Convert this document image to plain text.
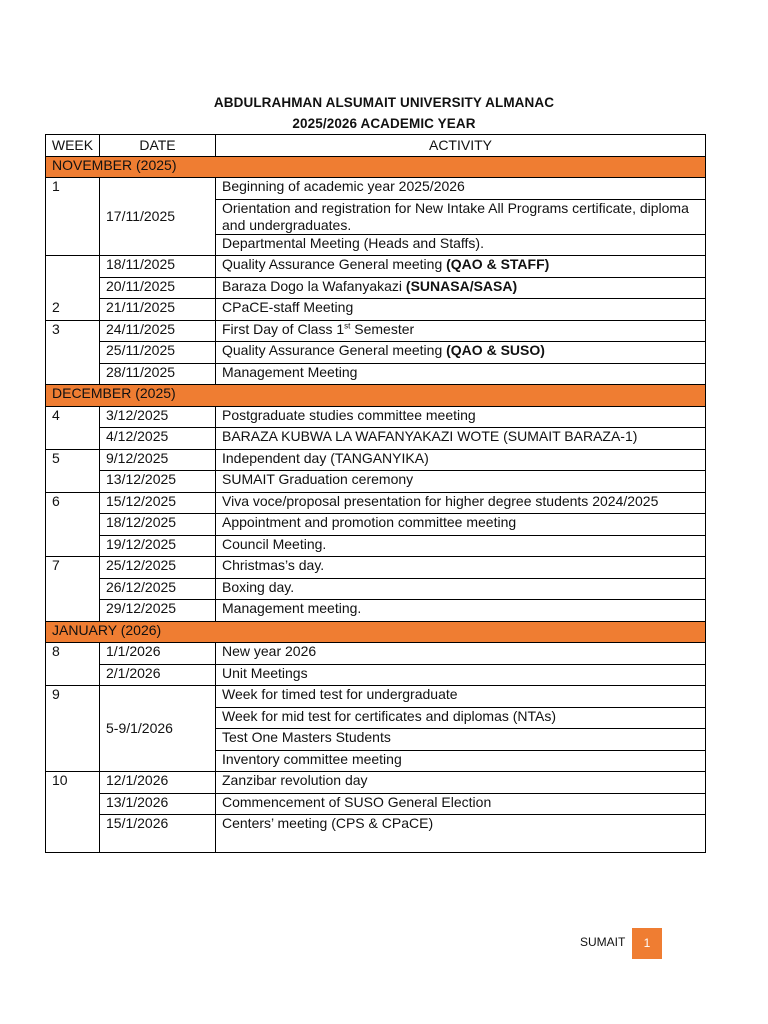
ABDULRAHMAN ALSUMAIT UNIVERSITY ALMANAC
2025/2026 ACADEMIC YEAR
WEEK	DATE	ACTIVITY
NOVEMBER (2025)		
1	17/11/2025	Beginning of academic year 2025/2026
		Orientation and registration for New Intake All Programs certificate, diploma and undergraduates.
		Departmental Meeting (Heads and Staffs).
2	18/11/2025	Quality Assurance General meeting (QAO & STAFF)
	20/11/2025	Baraza Dogo la Wafanyakazi (SUNASA/SASA)
	21/11/2025	CPaCE-staff Meeting
3	24/11/2025	First Day of Class 1st Semester
	25/11/2025	Quality Assurance General meeting (QAO & SUSO)
	28/11/2025	Management Meeting
DECEMBER (2025)		
4	3/12/2025	Postgraduate studies committee meeting
	4/12/2025	BARAZA KUBWA LA WAFANYAKAZI WOTE (SUMAIT BARAZA-1)
5	9/12/2025	Independent day (TANGANYIKA)
	13/12/2025	SUMAIT Graduation ceremony
6	15/12/2025	Viva voce/proposal presentation for higher degree students 2024/2025
	18/12/2025	Appointment and promotion committee meeting
	19/12/2025	Council Meeting.
7	25/12/2025	Christmas’s day.
	26/12/2025	Boxing day.
	29/12/2025	Management meeting.
JANUARY (2026)		
8	1/1/2026	New year 2026
	2/1/2026	Unit Meetings
9	5-9/1/2026	Week for timed test for undergraduate
		Week for mid test for certificates and diplomas (NTAs)
		Test One Masters Students
		Inventory committee meeting
10	12/1/2026	Zanzibar revolution day
	13/1/2026	Commencement of SUSO General Election
	15/1/2026	Centers’ meeting (CPS & CPaCE)
SUMAIT	1
